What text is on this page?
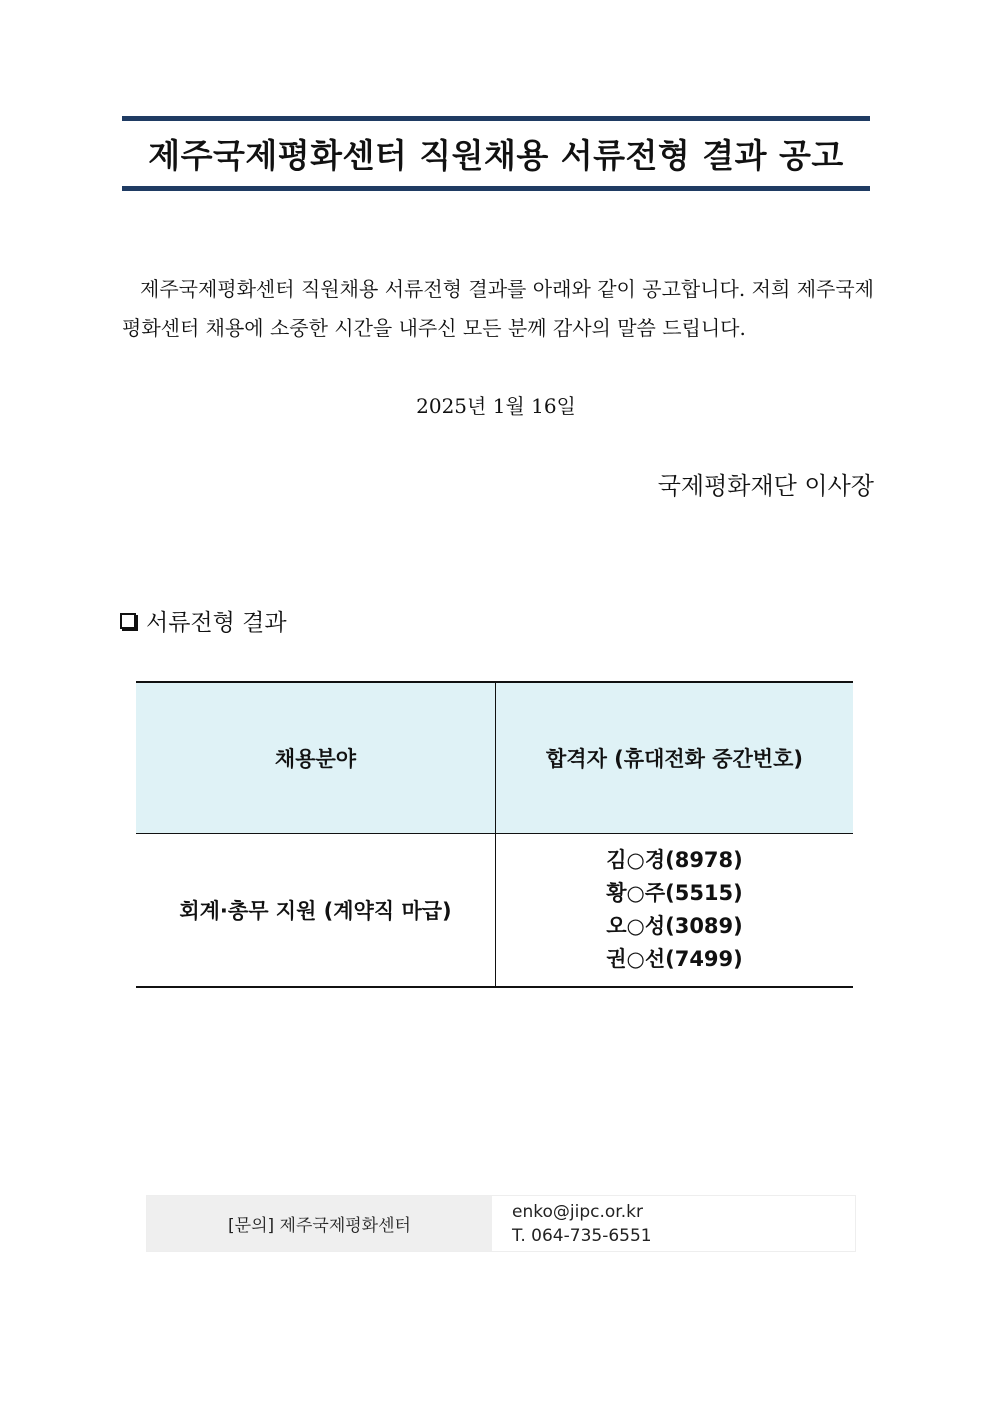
제주국제평화센터 직원채용 서류전형 결과 공고

제주국제평화센터 직원채용 서류전형 결과를 아래와 같이 공고합니다. 저희 제주국제평화센터 채용에 소중한 시간을 내주신 모든 분께 감사의 말씀 드립니다.

2025년 1월 16일
국제평화재단 이사장
서류전형 결과
채용분야	합격자 (휴대전화 중간번호)
회계·총무 지원 (계약직 마급)	김○경(8978)
황○주(5515)
오○성(3089)
권○선(7499)
[문의] 제주국제평화센터
enko@jipc.or.kr
T. 064-735-6551
